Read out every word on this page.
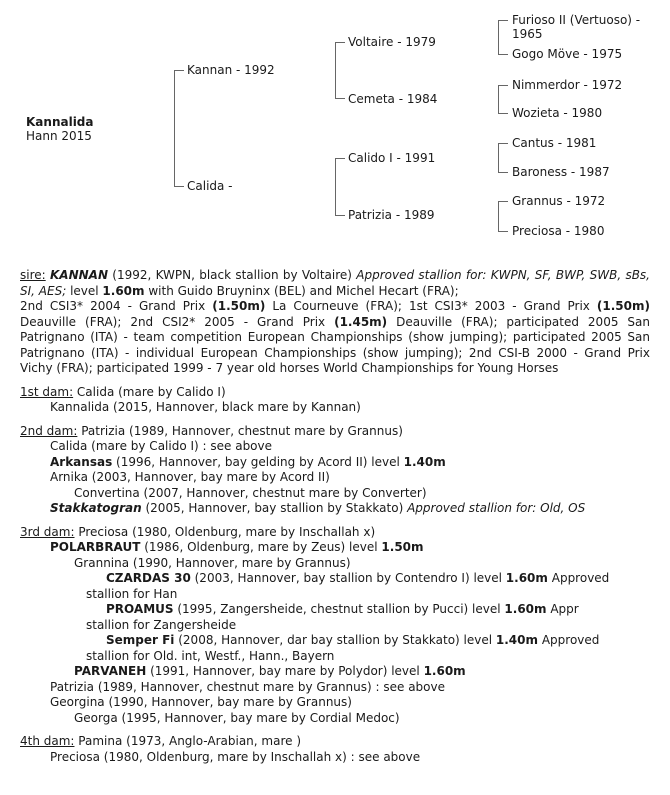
Kannalida
Hann 2015
Kannan - 1992
Calida -
Voltaire - 1979
Cemeta - 1984
Calido I - 1991
Patrizia - 1989
Furioso II (Vertuoso) -
1965
Gogo Möve - 1975
Nimmerdor - 1972
Wozieta - 1980
Cantus - 1981
Baroness - 1987
Grannus - 1972
Preciosa - 1980
sire: KANNAN (1992, KWPN, black stallion by Voltaire) Approved stallion for: KWPN, SF, BWP, SWB, sBs, SI, AES; level 1.60m with Guido Bruyninx (BEL) and Michel Hecart (FRA);
2nd CSI3* 2004 - Grand Prix (1.50m) La Courneuve (FRA); 1st CSI3* 2003 - Grand Prix (1.50m) Deauville (FRA); 2nd CSI2* 2005 - Grand Prix (1.45m) Deauville (FRA); participated 2005 San Patrignano (ITA) - team competition European Championships (show jumping); participated 2005 San Patrignano (ITA) - individual European Championships (show jumping); 2nd CSI-B 2000 - Grand Prix Vichy (FRA); participated 1999 - 7 year old horses World Championships for Young Horses
1st dam: Calida (mare by Calido I)
Kannalida (2015, Hannover, black mare by Kannan)
2nd dam: Patrizia (1989, Hannover, chestnut mare by Grannus)
Calida (mare by Calido I) : see above
Arkansas (1996, Hannover, bay gelding by Acord II) level 1.40m
Arnika (2003, Hannover, bay mare by Acord II)
Convertina (2007, Hannover, chestnut mare by Converter)
Stakkatogran (2005, Hannover, bay stallion by Stakkato) Approved stallion for: Old, OS
3rd dam: Preciosa (1980, Oldenburg, mare by Inschallah x)
POLARBRAUT (1986, Oldenburg, mare by Zeus) level 1.50m
Grannina (1990, Hannover, mare by Grannus)
CZARDAS 30 (2003, Hannover, bay stallion by Contendro I) level 1.60m Approved
stallion for Han
PROAMUS (1995, Zangersheide, chestnut stallion by Pucci) level 1.60m Appr
stallion for Zangersheide
Semper Fi (2008, Hannover, dar bay stallion by Stakkato) level 1.40m Approved
stallion for Old. int, Westf., Hann., Bayern
PARVANEH (1991, Hannover, bay mare by Polydor) level 1.60m
Patrizia (1989, Hannover, chestnut mare by Grannus) : see above
Georgina (1990, Hannover, bay mare by Grannus)
Georga (1995, Hannover, bay mare by Cordial Medoc)
4th dam: Pamina (1973, Anglo-Arabian, mare )
Preciosa (1980, Oldenburg, mare by Inschallah x) : see above
